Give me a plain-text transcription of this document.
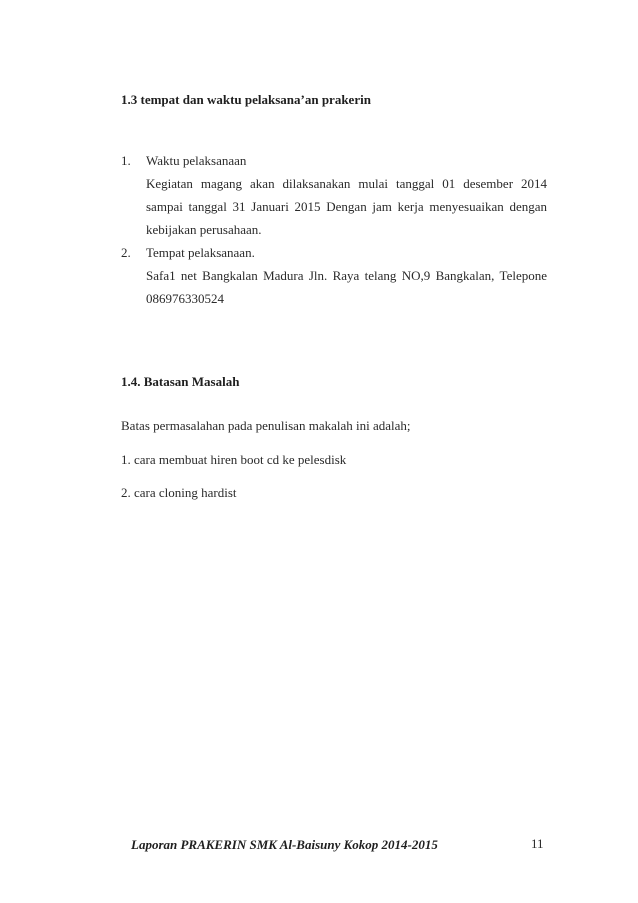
1.3 tempat dan waktu pelaksana’an prakerin
1.	Waktu pelaksanaan
Kegiatan magang akan dilaksanakan mulai tanggal 01 desember 2014 sampai tanggal 31 Januari 2015 Dengan jam kerja menyesuaikan dengan kebijakan perusahaan.
2.	Tempat pelaksanaan.
Safa1 net Bangkalan Madura Jln. Raya telang NO,9 Bangkalan, Telepone 086976330524
1.4. Batasan Masalah
Batas permasalahan pada penulisan makalah ini adalah;
1. cara membuat hiren boot cd ke pelesdisk
2. cara cloning hardist
Laporan PRAKERIN SMK Al-Baisuny Kokop 2014-2015	11
